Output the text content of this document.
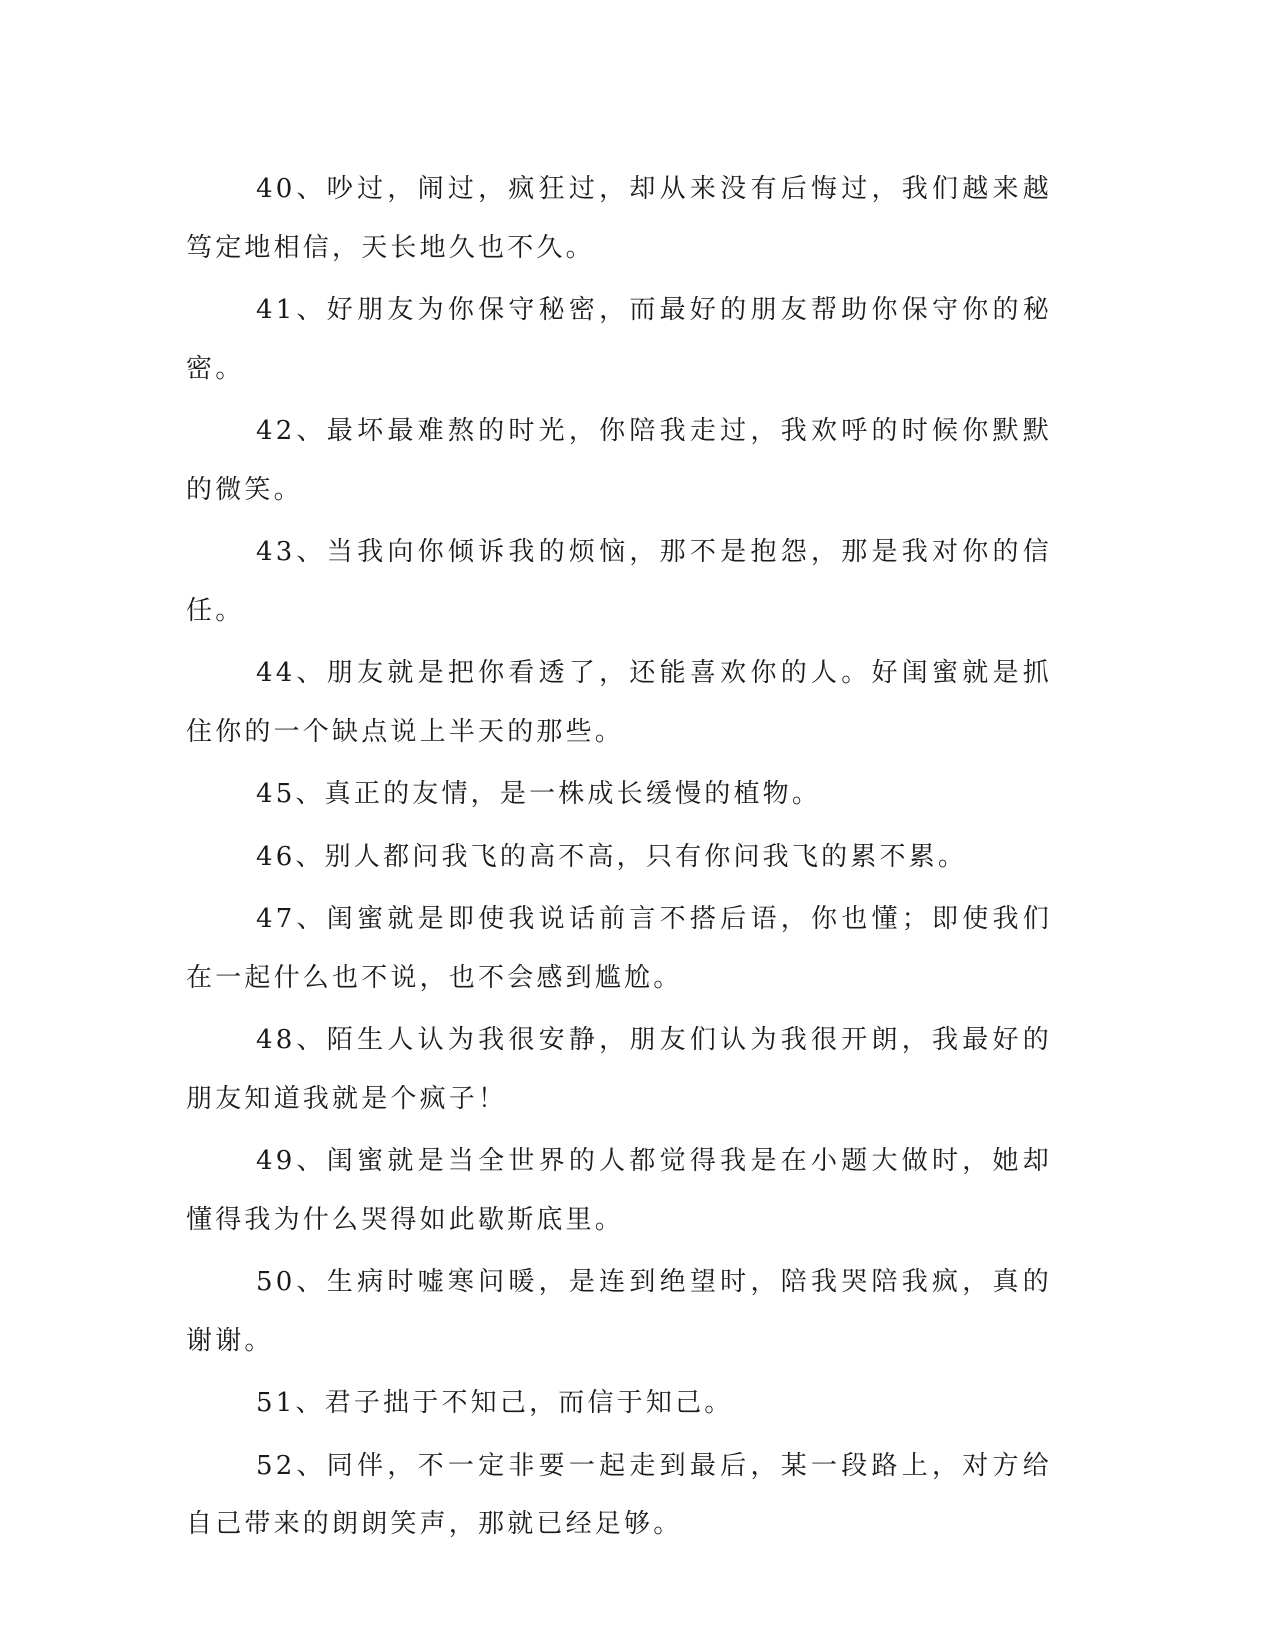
40、吵过，闹过，疯狂过，却从来没有后悔过，我们越来越笃定地相信，天长地久也不久。

41、好朋友为你保守秘密，而最好的朋友帮助你保守你的秘密。

42、最坏最难熬的时光，你陪我走过，我欢呼的时候你默默的微笑。

43、当我向你倾诉我的烦恼，那不是抱怨，那是我对你的信任。

44、朋友就是把你看透了，还能喜欢你的人。好闺蜜就是抓住你的一个缺点说上半天的那些。

45、真正的友情，是一株成长缓慢的植物。

46、别人都问我飞的高不高，只有你问我飞的累不累。

47、闺蜜就是即使我说话前言不搭后语，你也懂；即使我们在一起什么也不说，也不会感到尴尬。

48、陌生人认为我很安静，朋友们认为我很开朗，我最好的朋友知道我就是个疯子！

49、闺蜜就是当全世界的人都觉得我是在小题大做时，她却懂得我为什么哭得如此歇斯底里。

50、生病时嘘寒问暖，是连到绝望时，陪我哭陪我疯，真的谢谢。

51、君子拙于不知己，而信于知己。

52、同伴，不一定非要一起走到最后，某一段路上，对方给自己带来的朗朗笑声，那就已经足够。
